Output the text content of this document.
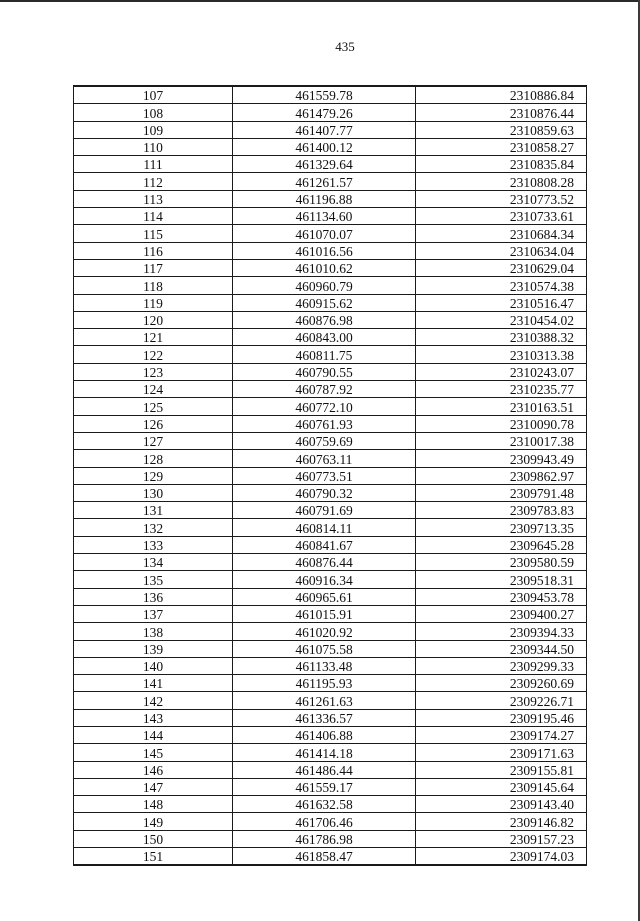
435
107	461559.78	2310886.84
108	461479.26	2310876.44
109	461407.77	2310859.63
110	461400.12	2310858.27
111	461329.64	2310835.84
112	461261.57	2310808.28
113	461196.88	2310773.52
114	461134.60	2310733.61
115	461070.07	2310684.34
116	461016.56	2310634.04
117	461010.62	2310629.04
118	460960.79	2310574.38
119	460915.62	2310516.47
120	460876.98	2310454.02
121	460843.00	2310388.32
122	460811.75	2310313.38
123	460790.55	2310243.07
124	460787.92	2310235.77
125	460772.10	2310163.51
126	460761.93	2310090.78
127	460759.69	2310017.38
128	460763.11	2309943.49
129	460773.51	2309862.97
130	460790.32	2309791.48
131	460791.69	2309783.83
132	460814.11	2309713.35
133	460841.67	2309645.28
134	460876.44	2309580.59
135	460916.34	2309518.31
136	460965.61	2309453.78
137	461015.91	2309400.27
138	461020.92	2309394.33
139	461075.58	2309344.50
140	461133.48	2309299.33
141	461195.93	2309260.69
142	461261.63	2309226.71
143	461336.57	2309195.46
144	461406.88	2309174.27
145	461414.18	2309171.63
146	461486.44	2309155.81
147	461559.17	2309145.64
148	461632.58	2309143.40
149	461706.46	2309146.82
150	461786.98	2309157.23
151	461858.47	2309174.03
